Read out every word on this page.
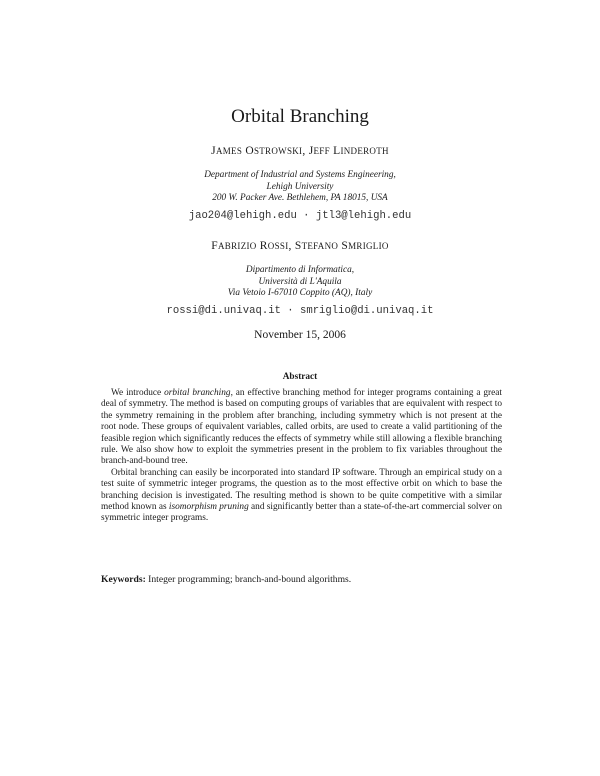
Orbital Branching
JAMES OSTROWSKI, JEFF LINDEROTH
Department of Industrial and Systems Engineering,
Lehigh University
200 W. Packer Ave. Bethlehem, PA 18015, USA
jao204@lehigh.edu · jtl3@lehigh.edu
FABRIZIO ROSSI, STEFANO SMRIGLIO
Dipartimento di Informatica,
Università di L'Aquila
Via Vetoio I-67010 Coppito (AQ), Italy
rossi@di.univaq.it · smriglio@di.univaq.it
November 15, 2006
Abstract

We introduce orbital branching, an effective branching method for integer programs containing a great deal of symmetry. The method is based on computing groups of variables that are equivalent with respect to the symmetry remaining in the problem after branching, including symmetry which is not present at the root node. These groups of equivalent variables, called orbits, are used to create a valid partitioning of the feasible region which significantly reduces the effects of symmetry while still allowing a flexible branching rule. We also show how to exploit the symmetries present in the problem to fix variables throughout the branch-and-bound tree.

Orbital branching can easily be incorporated into standard IP software. Through an empirical study on a test suite of symmetric integer programs, the question as to the most effective orbit on which to base the branching decision is investigated. The resulting method is shown to be quite competitive with a similar method known as isomorphism pruning and significantly better than a state-of-the-art commercial solver on symmetric integer programs.

Keywords: Integer programming; branch-and-bound algorithms.
